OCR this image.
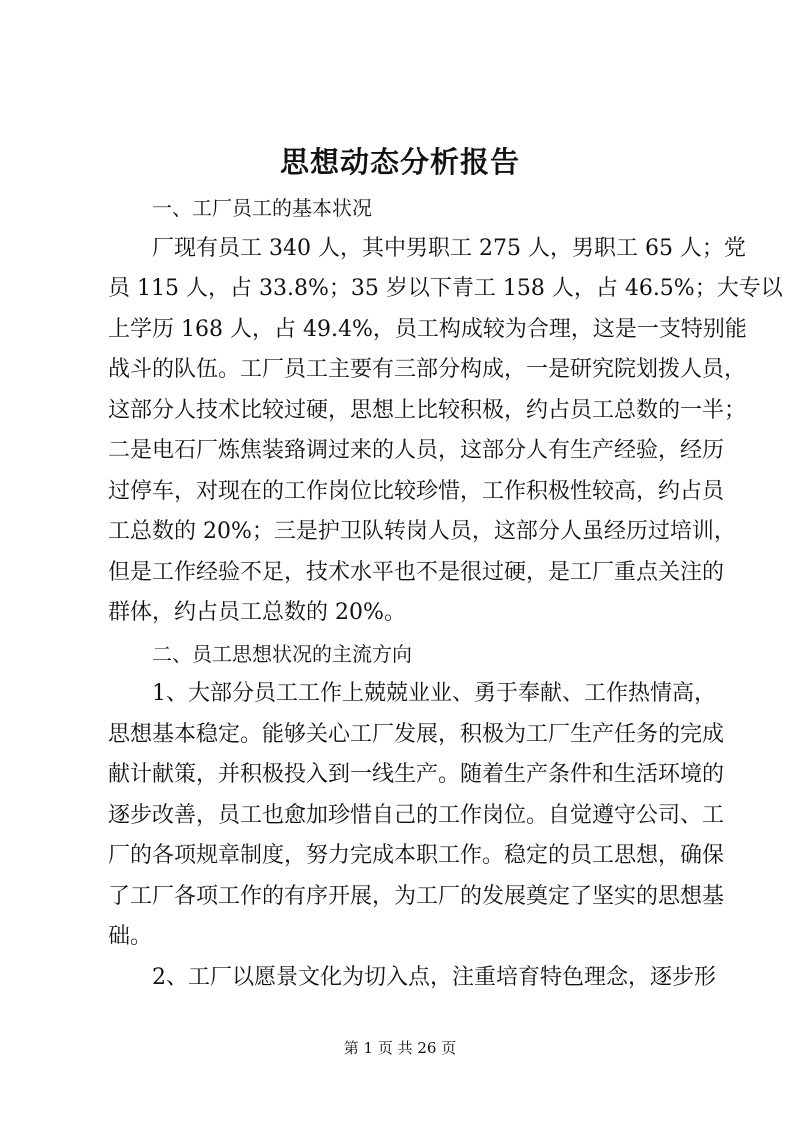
思想动态分析报告
一、工厂员工的基本状况
厂现有员工 340 人，其中男职工 275 人，男职工 65 人；党
员 115 人，占 33.8%；35 岁以下青工 158 人，占 46.5%；大专以
上学历 168 人，占 49.4%，员工构成较为合理，这是一支特别能
战斗的队伍。工厂员工主要有三部分构成，一是研究院划拨人员，
这部分人技术比较过硬，思想上比较积极，约占员工总数的一半；
二是电石厂炼焦装臵调过来的人员，这部分人有生产经验，经历
过停车，对现在的工作岗位比较珍惜，工作积极性较高，约占员
工总数的 20%；三是护卫队转岗人员，这部分人虽经历过培训，
但是工作经验不足，技术水平也不是很过硬，是工厂重点关注的
群体，约占员工总数的 20%。
二、员工思想状况的主流方向
1、大部分员工工作上兢兢业业、勇于奉献、工作热情高，
思想基本稳定。能够关心工厂发展，积极为工厂生产任务的完成
献计献策，并积极投入到一线生产。随着生产条件和生活环境的
逐步改善，员工也愈加珍惜自己的工作岗位。自觉遵守公司、工
厂的各项规章制度，努力完成本职工作。稳定的员工思想，确保
了工厂各项工作的有序开展，为工厂的发展奠定了坚实的思想基
础。
2、工厂以愿景文化为切入点，注重培育特色理念，逐步形
第 1 页 共 26 页
